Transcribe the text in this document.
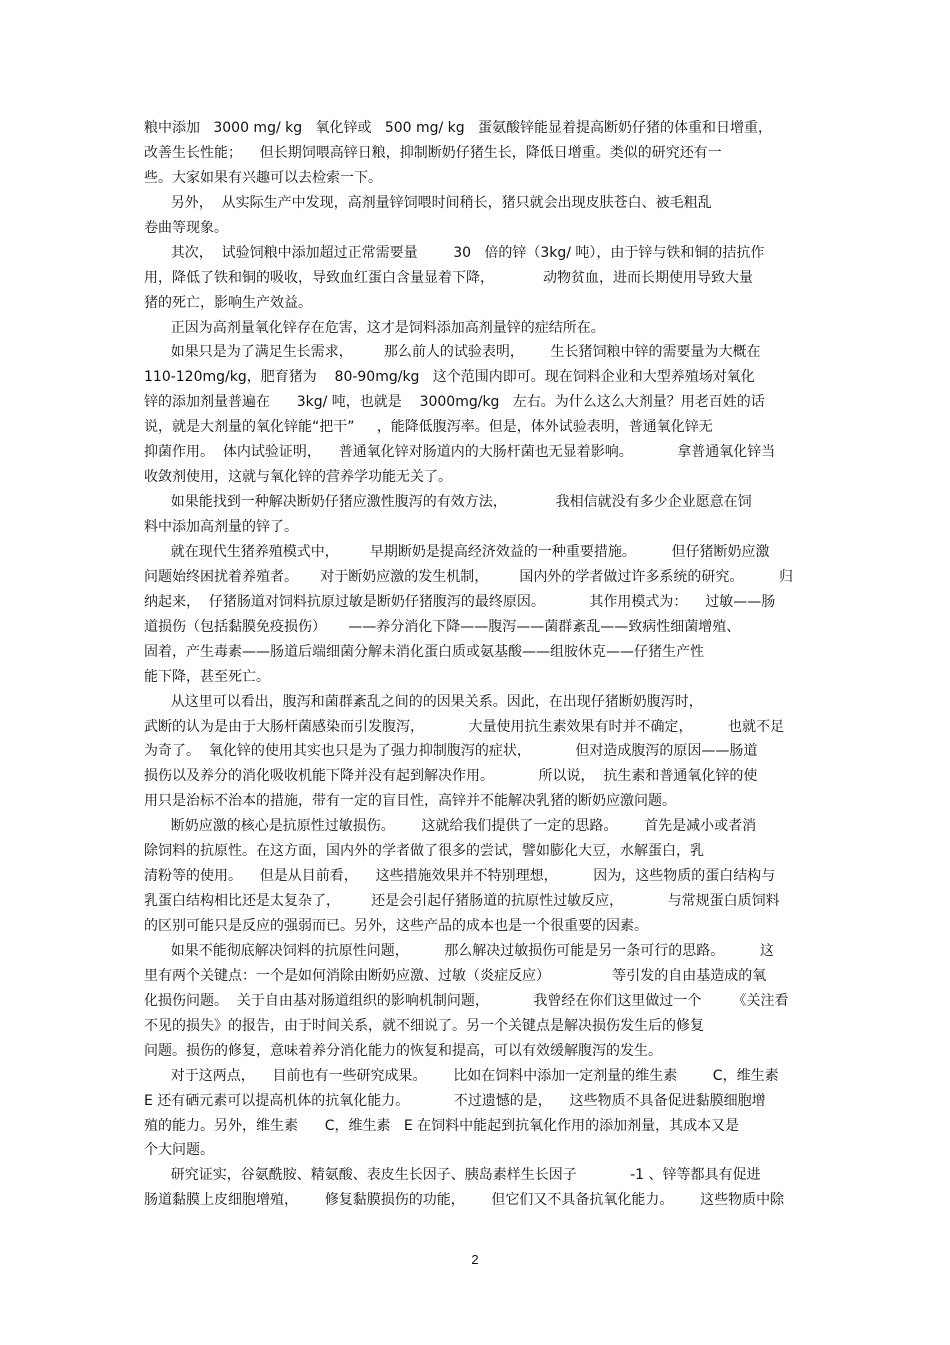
粮中添加   3000 mg/ kg   氧化锌或   500 mg/ kg   蛋氨酸锌能显着提高断奶仔猪的体重和日增重，
改善生长性能；    但长期饲喂高锌日粮，抑制断奶仔猪生长，降低日增重。类似的研究还有一
些。大家如果有兴趣可以去检索一下。
另外，  从实际生产中发现，高剂量锌饲喂时间稍长，猪只就会出现皮肤苍白、被毛粗乱
卷曲等现象。
其次，  试验饲粮中添加超过正常需要量        30   倍的锌（3kg/ 吨），由于锌与铁和铜的拮抗作
用，降低了铁和铜的吸收，导致血红蛋白含量显着下降，           动物贫血，进而长期使用导致大量
猪的死亡，影响生产效益。
正因为高剂量氧化锌存在危害，这才是饲料添加高剂量锌的症结所在。
如果只是为了满足生长需求，       那么前人的试验表明，      生长猪饲粮中锌的需要量为大概在
110-120mg/kg，肥育猪为    80-90mg/kg   这个范围内即可。现在饲料企业和大型养殖场对氧化
锌的添加剂量普遍在      3kg/ 吨，也就是    3000mg/kg   左右。为什么这么大剂量？用老百姓的话
说，就是大剂量的氧化锌能“把干”     ，能降低腹泻率。但是，体外试验表明，普通氧化锌无
抑菌作用。  体内试验证明，    普通氧化锌对肠道内的大肠杆菌也无显着影响。          拿普通氧化锌当
收敛剂使用，这就与氧化锌的营养学功能无关了。
如果能找到一种解决断奶仔猪应激性腹泻的有效方法，           我相信就没有多少企业愿意在饲
料中添加高剂量的锌了。
就在现代生猪养殖模式中，       早期断奶是提高经济效益的一种重要措施。        但仔猪断奶应激
问题始终困扰着养殖者。     对于断奶应激的发生机制，       国内外的学者做过许多系统的研究。        归
纳起来，  仔猪肠道对饲料抗原过敏是断奶仔猪腹泻的最终原因。          其作用模式为：    过敏——肠
道损伤（包括黏膜免疫损伤）     ——养分消化下降——腹泻——菌群紊乱——致病性细菌增殖、
固着，产生毒素——肠道后端细菌分解未消化蛋白质或氨基酸——组胺休克——仔猪生产性
能下降，甚至死亡。
从这里可以看出，腹泻和菌群紊乱之间的的因果关系。因此，在出现仔猪断奶腹泻时，
武断的认为是由于大肠杆菌感染而引发腹泻，          大量使用抗生素效果有时并不确定，        也就不足
为奇了。  氧化锌的使用其实也只是为了强力抑制腹泻的症状，          但对造成腹泻的原因——肠道
损伤以及养分的消化吸收机能下降并没有起到解决作用。          所以说，  抗生素和普通氧化锌的使
用只是治标不治本的措施，带有一定的盲目性，高锌并不能解决乳猪的断奶应激问题。
断奶应激的核心是抗原性过敏损伤。      这就给我们提供了一定的思路。      首先是减小或者消
除饲料的抗原性。在这方面，国内外的学者做了很多的尝试，譬如膨化大豆，水解蛋白，乳
清粉等的使用。    但是从目前看，    这些措施效果并不特别理想，        因为，这些物质的蛋白结构与
乳蛋白结构相比还是太复杂了，       还是会引起仔猪肠道的抗原性过敏反应，          与常规蛋白质饲料
的区别可能只是反应的强弱而已。另外，这些产品的成本也是一个很重要的因素。
如果不能彻底解决饲料的抗原性问题，        那么解决过敏损伤可能是另一条可行的思路。        这
里有两个关键点：一个是如何消除由断奶应激、过敏（炎症反应）              等引发的自由基造成的氧
化损伤问题。  关于自由基对肠道组织的影响机制问题，          我曾经在你们这里做过一个       《关注看
不见的损失》的报告，由于时间关系，就不细说了。另一个关键点是解决损伤发生后的修复
问题。损伤的修复，意味着养分消化能力的恢复和提高，可以有效缓解腹泻的发生。
对于这两点，    目前也有一些研究成果。      比如在饲料中添加一定剂量的维生素        C，维生素
E 还有硒元素可以提高机体的抗氧化能力。          不过遗憾的是，    这些物质不具备促进黏膜细胞增
殖的能力。另外，维生素      C，维生素   E 在饲料中能起到抗氧化作用的添加剂量，其成本又是
个大问题。
研究证实，谷氨酰胺、精氨酸、表皮生长因子、胰岛素样生长因子            -1 、锌等都具有促进
肠道黏膜上皮细胞增殖，      修复黏膜损伤的功能，      但它们又不具备抗氧化能力。      这些物质中除
2
